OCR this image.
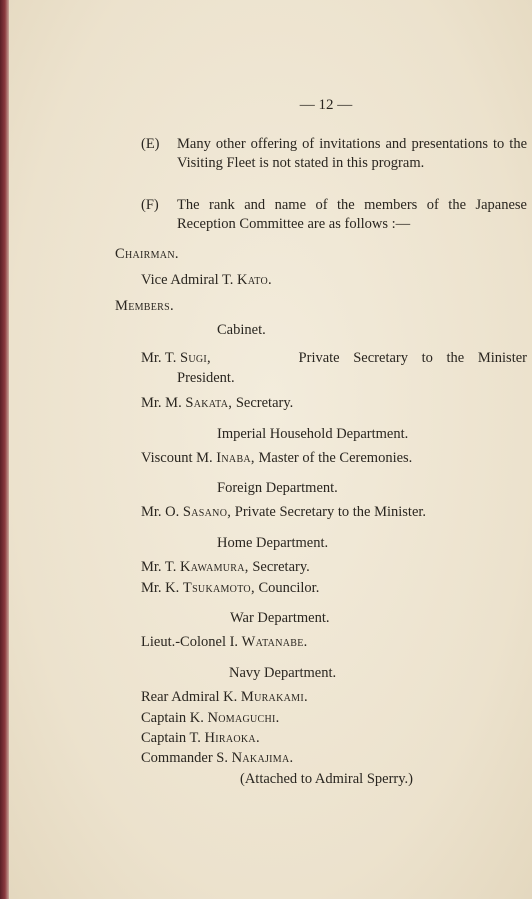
— 12 —
(E) Many other offering of invitations and presentations to the Visiting Fleet is not stated in this program.
(F) The rank and name of the members of the Japanese Reception Committee are as follows :—
Chairman.
Vice Admiral T. Kato.
Members.
Cabinet.
Mr. T. Sugi,	Private Secretary to the Minister
President.
Mr. M. Sakata, Secretary.
Imperial Household Department.
Viscount M. Inaba, Master of the Ceremonies.
Foreign Department.
Mr. O. Sasano, Private Secretary to the Minister.
Home Department.
Mr. T. Kawamura, Secretary.
Mr. K. Tsukamoto, Councilor.
War Department.
Lieut.-Colonel I. Watanabe.
Navy Department.
Rear Admiral K. Murakami.
Captain K. Nomaguchi.
Captain T. Hiraoka.
Commander S. Nakajima.
(Attached to Admiral Sperry.)
